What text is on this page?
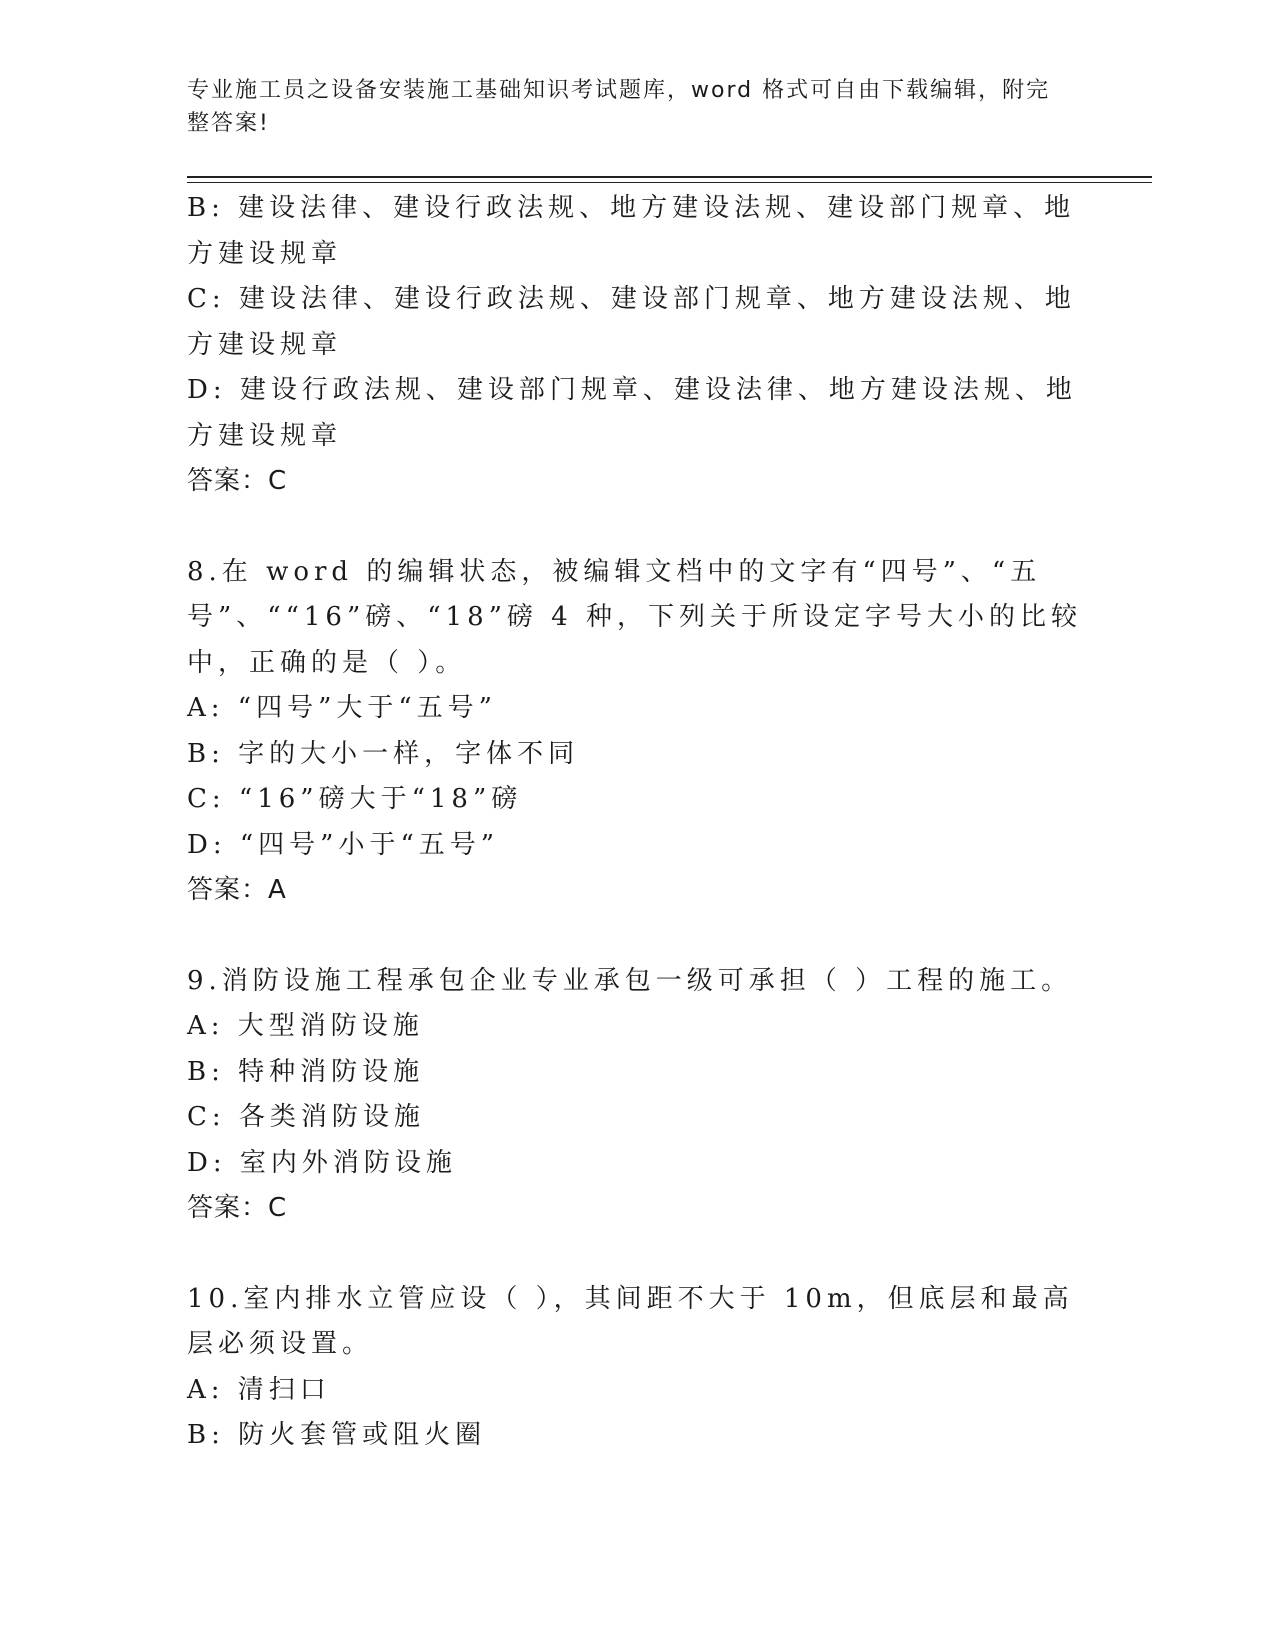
专业施工员之设备安装施工基础知识考试题库，word 格式可自由下载编辑，附完整答案!
B: 建设法律、建设行政法规、地方建设法规、建设部门规章、地方建设规章
C: 建设法律、建设行政法规、建设部门规章、地方建设法规、地方建设规章
D: 建设行政法规、建设部门规章、建设法律、地方建设法规、地方建设规章
答案：C
8.在 word 的编辑状态，被编辑文档中的文字有“四号”、“五号”、““16”磅、“18”磅 4 种，下列关于所设定字号大小的比较中，正确的是（ ）。
A: “四号”大于“五号”
B: 字的大小一样，字体不同
C: “16”磅大于“18”磅
D: “四号”小于“五号”
答案：A
9.消防设施工程承包企业专业承包一级可承担（ ）工程的施工。
A: 大型消防设施
B: 特种消防设施
C: 各类消防设施
D: 室内外消防设施
答案：C
10.室内排水立管应设（ ），其间距不大于 10m，但底层和最高层必须设置。
A: 清扫口
B: 防火套管或阻火圈
